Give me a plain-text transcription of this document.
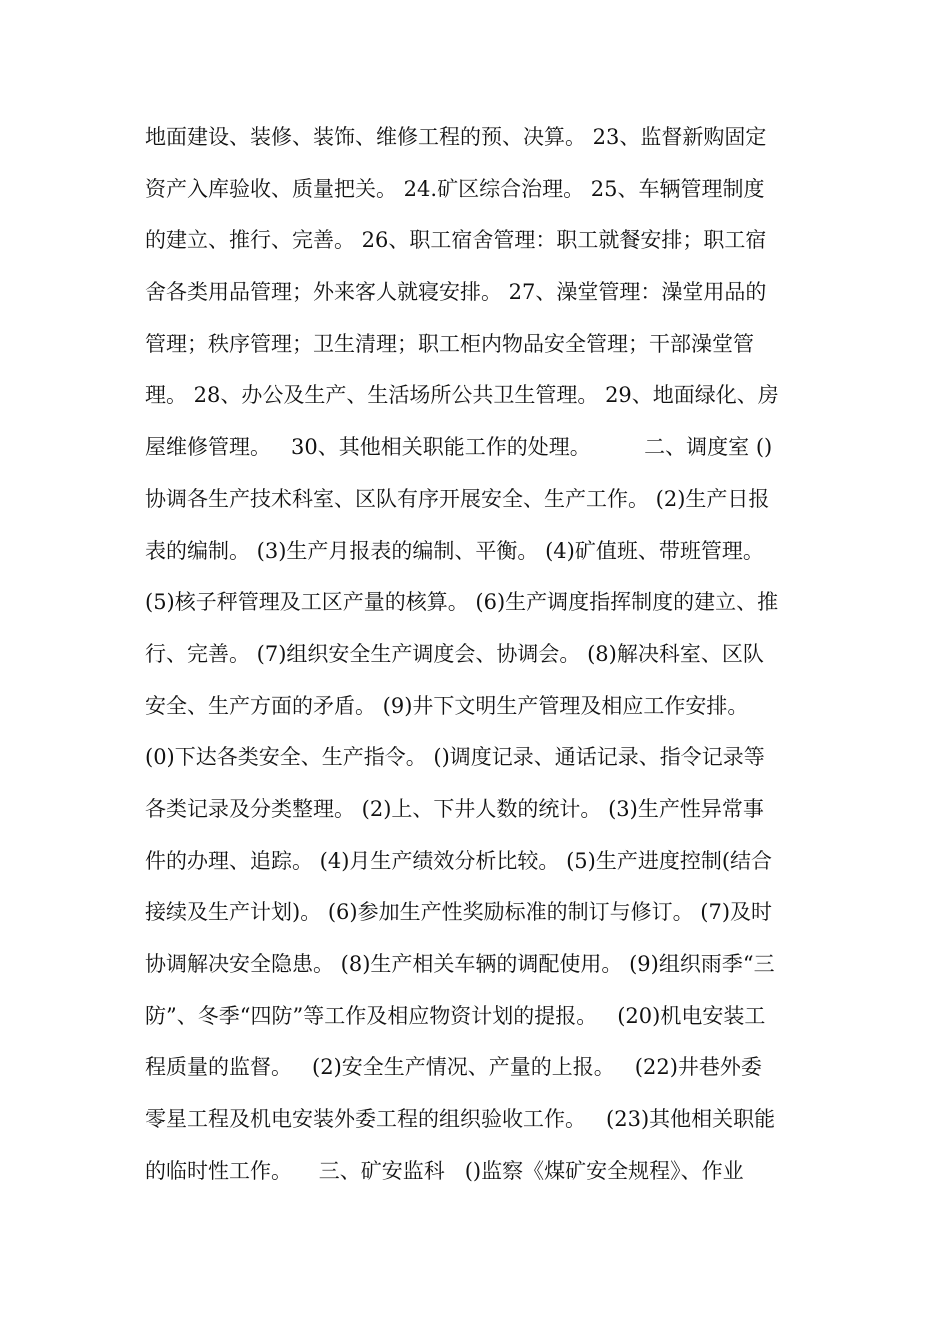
地面建设、装修、装饰、维修工程的预、决算。 23、监督新购固定
资产入库验收、质量把关。 24.矿区综合治理。 25、车辆管理制度
的建立、推行、完善。 26、职工宿舍管理：职工就餐安排；职工宿
舍各类用品管理；外来客人就寝安排。 27、澡堂管理：澡堂用品的
管理；秩序管理；卫生清理；职工柜内物品安全管理；干部澡堂管
理。 28、办公及生产、生活场所公共卫生管理。 29、地面绿化、房
屋维修管理。   30、其他相关职能工作的处理。        二、调度室 ()
协调各生产技术科室、区队有序开展安全、生产工作。 (2)生产日报
表的编制。 (3)生产月报表的编制、平衡。 (4)矿值班、带班管理。
(5)核子秤管理及工区产量的核算。 (6)生产调度指挥制度的建立、推
行、完善。 (7)组织安全生产调度会、协调会。 (8)解决科室、区队
安全、生产方面的矛盾。 (9)井下文明生产管理及相应工作安排。
(0)下达各类安全、生产指令。 ()调度记录、通话记录、指令记录等
各类记录及分类整理。 (2)上、下井人数的统计。 (3)生产性异常事
件的办理、追踪。 (4)月生产绩效分析比较。 (5)生产进度控制(结合
接续及生产计划)。 (6)参加生产性奖励标准的制订与修订。 (7)及时
协调解决安全隐患。 (8)生产相关车辆的调配使用。 (9)组织雨季“三
防”、冬季“四防”等工作及相应物资计划的提报。   (20)机电安装工
程质量的监督。   (2)安全生产情况、产量的上报。   (22)井巷外委
零星工程及机电安装外委工程的组织验收工作。   (23)其他相关职能
的临时性工作。    三、矿安监科   ()监察《煤矿安全规程》、作业
